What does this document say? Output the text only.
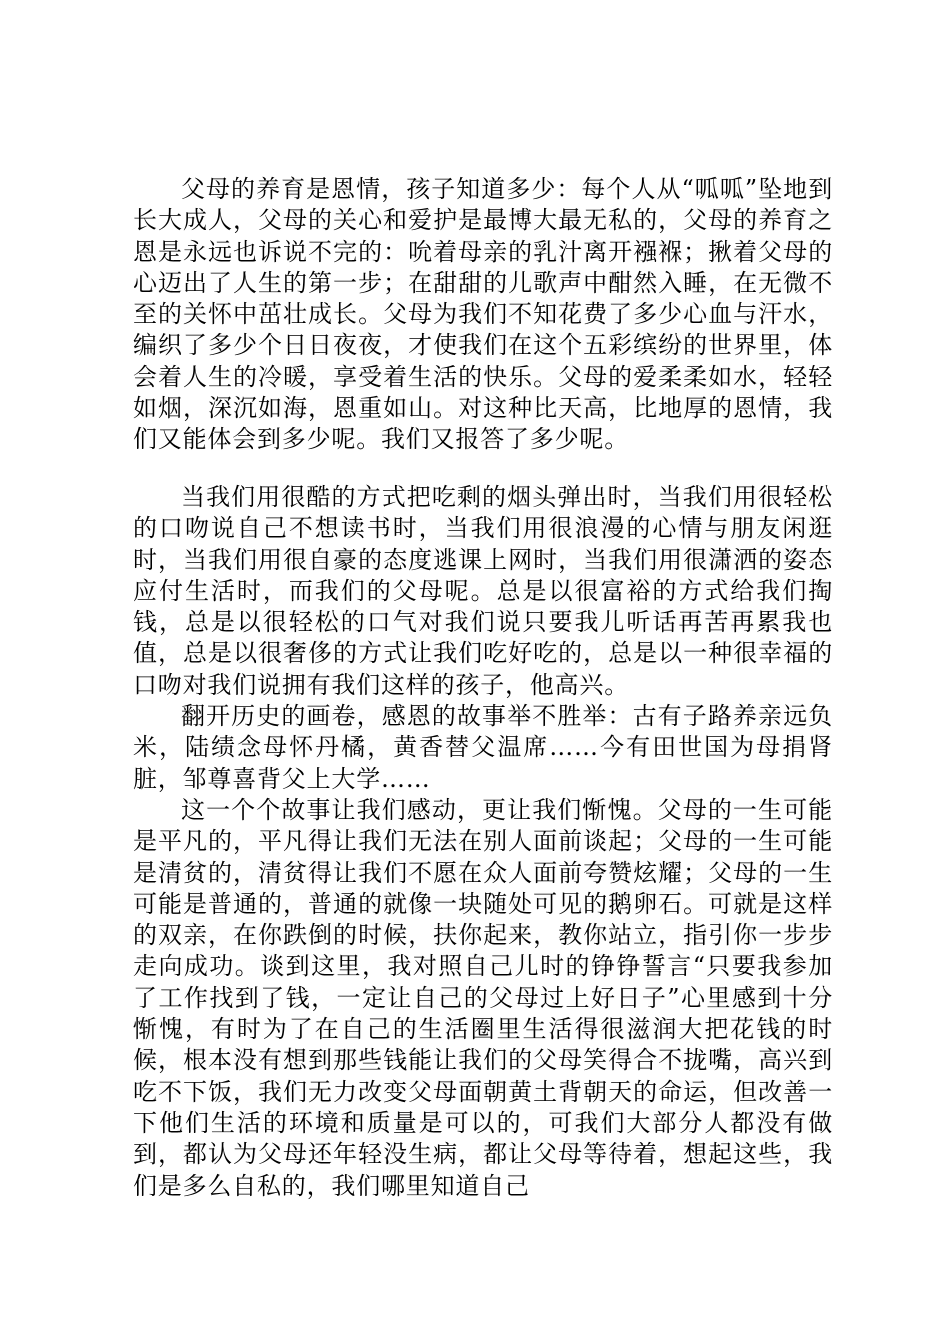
父母的养育是恩情，孩子知道多少：每个人从“呱呱”坠地到长大成人，父母的关心和爱护是最博大最无私的，父母的养育之恩是永远也诉说不完的：吮着母亲的乳汁离开襁褓；揪着父母的心迈出了人生的第一步；在甜甜的儿歌声中酣然入睡，在无微不至的关怀中茁壮成长。父母为我们不知花费了多少心血与汗水，编织了多少个日日夜夜，才使我们在这个五彩缤纷的世界里，体会着人生的冷暖，享受着生活的快乐。父母的爱柔柔如水，轻轻如烟，深沉如海，恩重如山。对这种比天高，比地厚的恩情，我们又能体会到多少呢。我们又报答了多少呢。

当我们用很酷的方式把吃剩的烟头弹出时，当我们用很轻松的口吻说自己不想读书时，当我们用很浪漫的心情与朋友闲逛时，当我们用很自豪的态度逃课上网时，当我们用很潇洒的姿态应付生活时，而我们的父母呢。总是以很富裕的方式给我们掏钱，总是以很轻松的口气对我们说只要我儿听话再苦再累我也值，总是以很奢侈的方式让我们吃好吃的，总是以一种很幸福的口吻对我们说拥有我们这样的孩子，他高兴。

翻开历史的画卷，感恩的故事举不胜举：古有子路养亲远负米，陆绩念母怀丹橘，黄香替父温席……今有田世国为母捐肾脏，邹尊喜背父上大学……

这一个个故事让我们感动，更让我们惭愧。父母的一生可能是平凡的，平凡得让我们无法在别人面前谈起；父母的一生可能是清贫的，清贫得让我们不愿在众人面前夸赞炫耀；父母的一生可能是普通的，普通的就像一块随处可见的鹅卵石。可就是这样的双亲，在你跌倒的时候，扶你起来，教你站立，指引你一步步走向成功。谈到这里，我对照自己儿时的铮铮誓言“只要我参加了工作找到了钱，一定让自己的父母过上好日子”心里感到十分惭愧，有时为了在自己的生活圈里生活得很滋润大把花钱的时候，根本没有想到那些钱能让我们的父母笑得合不拢嘴，高兴到吃不下饭，我们无力改变父母面朝黄土背朝天的命运，但改善一下他们生活的环境和质量是可以的，可我们大部分人都没有做到，都认为父母还年轻没生病，都让父母等待着，想起这些，我们是多么自私的，我们哪里知道自己
